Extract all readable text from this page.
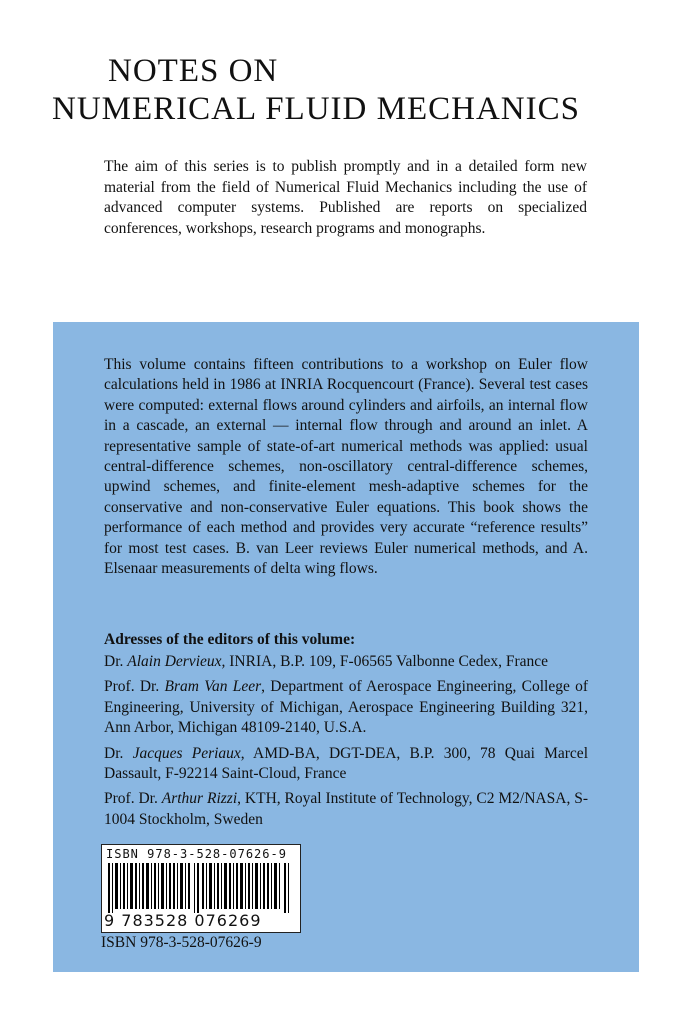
NOTES ON
NUMERICAL FLUID MECHANICS

The aim of this series is to publish promptly and in a detailed form new material from the field of Numerical Fluid Mechanics including the use of advanced computer systems. Published are reports on specialized conferences, workshops, research programs and monographs.

This volume contains fifteen contributions to a workshop on Euler flow calculations held in 1986 at INRIA Rocquencourt (France). Several test cases were computed: external flows around cylinders and airfoils, an internal flow in a cascade, an external — internal flow through and around an inlet. A representative sample of state-of-art numerical methods was applied: usual central-difference schemes, non-oscillatory central-difference schemes, upwind schemes, and finite-element mesh-adaptive schemes for the conservative and non-conservative Euler equations. This book shows the performance of each method and provides very accurate “reference results” for most test cases. B. van Leer reviews Euler numerical methods, and A. Elsenaar measurements of delta wing flows.

Adresses of the editors of this volume:

Dr. Alain Dervieux, INRIA, B.P. 109, F-06565 Valbonne Cedex, France
Prof. Dr. Bram Van Leer, Department of Aerospace Engineering, College of Engineering, University of Michigan, Aerospace Engineering Building 321, Ann Arbor, Michigan 48109-2140, U.S.A.
Dr. Jacques Periaux, AMD-BA, DGT-DEA, B.P. 300, 78 Quai Marcel Dassault, F-92214 Saint-Cloud, France
Prof. Dr. Arthur Rizzi, KTH, Royal Institute of Technology, C2 M2/NASA, S-1004 Stockholm, Sweden
ISBN 978-3-528-07626-9
9 783528 076269
ISBN 978-3-528-07626-9
